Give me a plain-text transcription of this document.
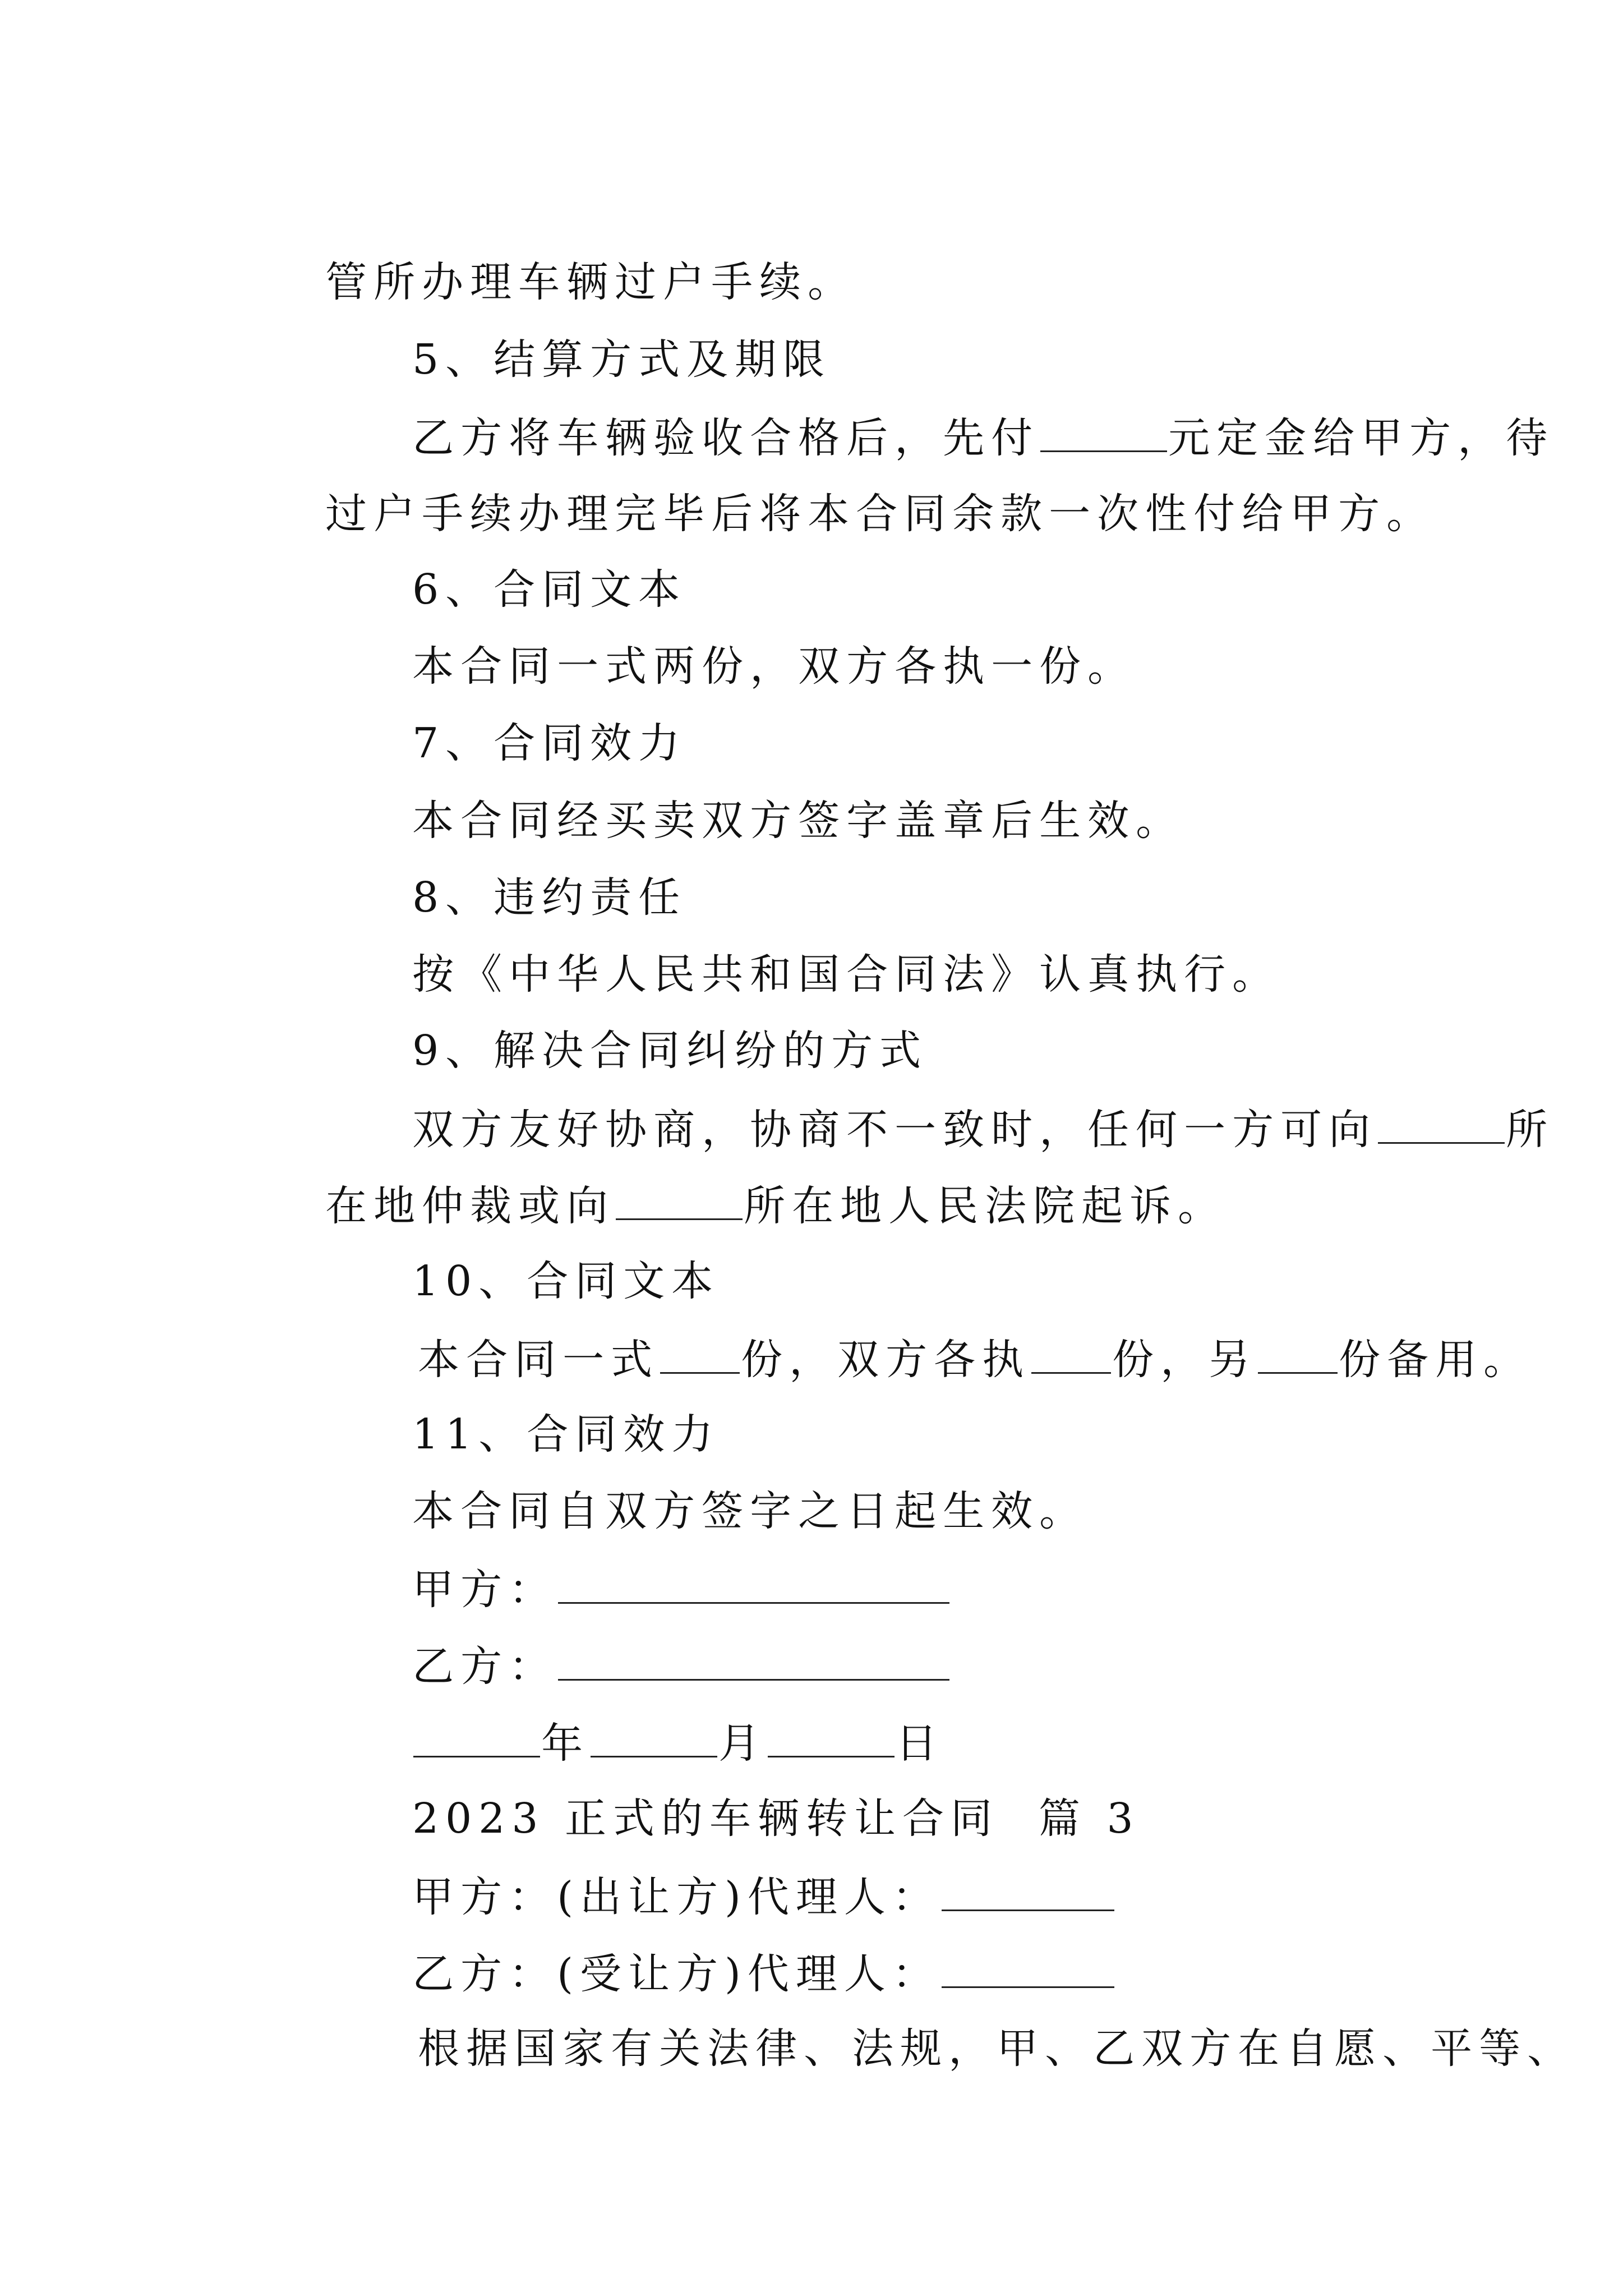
管所办理车辆过户手续。

5、结算方式及期限

乙方将车辆验收合格后，先付	元定金给甲方，待

过户手续办理完毕后将本合同余款一次性付给甲方。

6、合同文本

本合同一式两份，双方各执一份。

7、合同效力

本合同经买卖双方签字盖章后生效。

8、违约责任

按《中华人民共和国合同法》认真执行。

9、解决合同纠纷的方式

双方友好协商，协商不一致时，任何一方可向	所

在地仲裁或向	所在地人民法院起诉。

10、合同文本

本合同一式 份，双方各执 份，另 份备用。

11、合同效力

本合同自双方签字之日起生效。

甲方：

乙方：

年	月	日

2023 正式的车辆转让合同  篇 3

甲方：(出让方)代理人：

乙方：(受让方)代理人：

根据国家有关法律、法规，甲、乙双方在自愿、平等、
